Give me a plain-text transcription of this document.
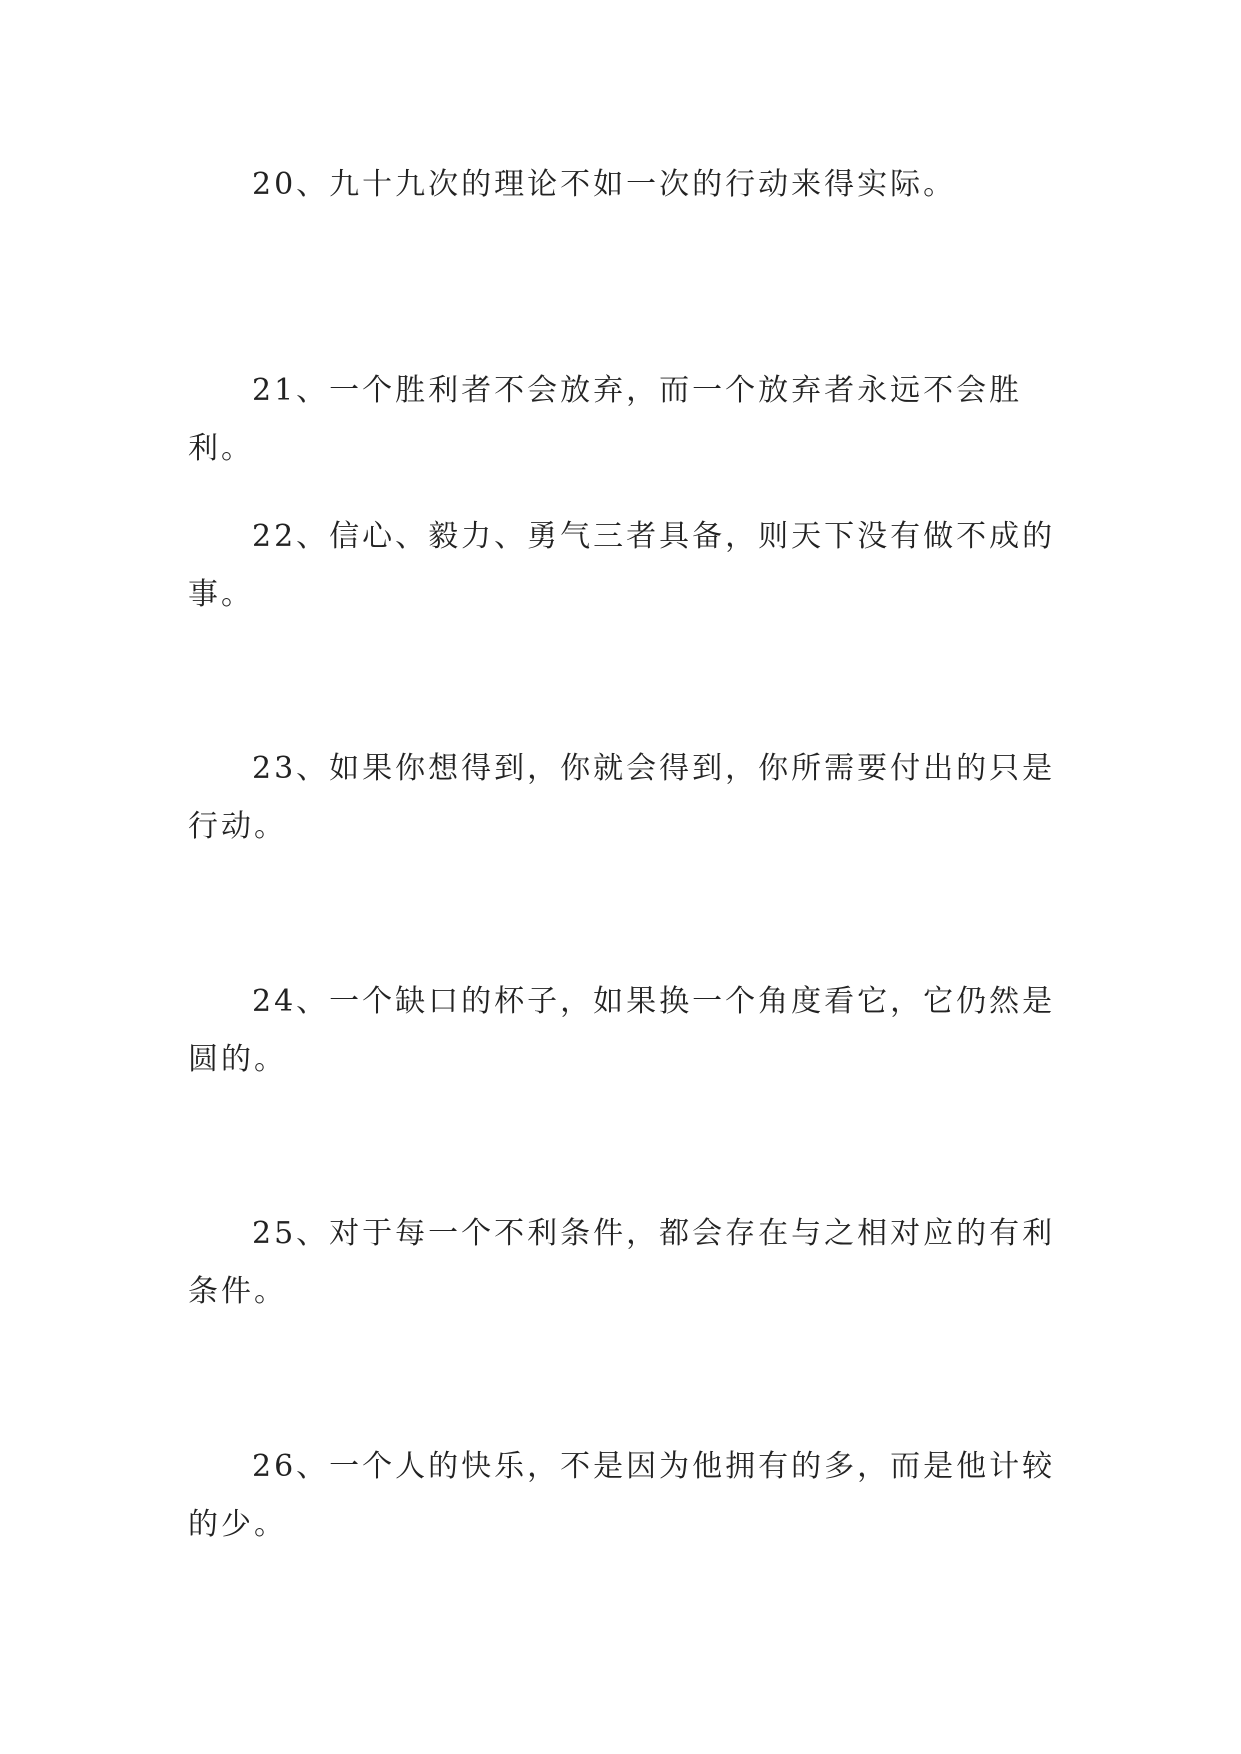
20、九十九次的理论不如一次的行动来得实际。

21、一个胜利者不会放弃，而一个放弃者永远不会胜利。

22、信心、毅力、勇气三者具备，则天下没有做不成的事。

23、如果你想得到，你就会得到，你所需要付出的只是行动。

24、一个缺口的杯子，如果换一个角度看它，它仍然是圆的。

25、对于每一个不利条件，都会存在与之相对应的有利条件。

26、一个人的快乐，不是因为他拥有的多，而是他计较的少。
